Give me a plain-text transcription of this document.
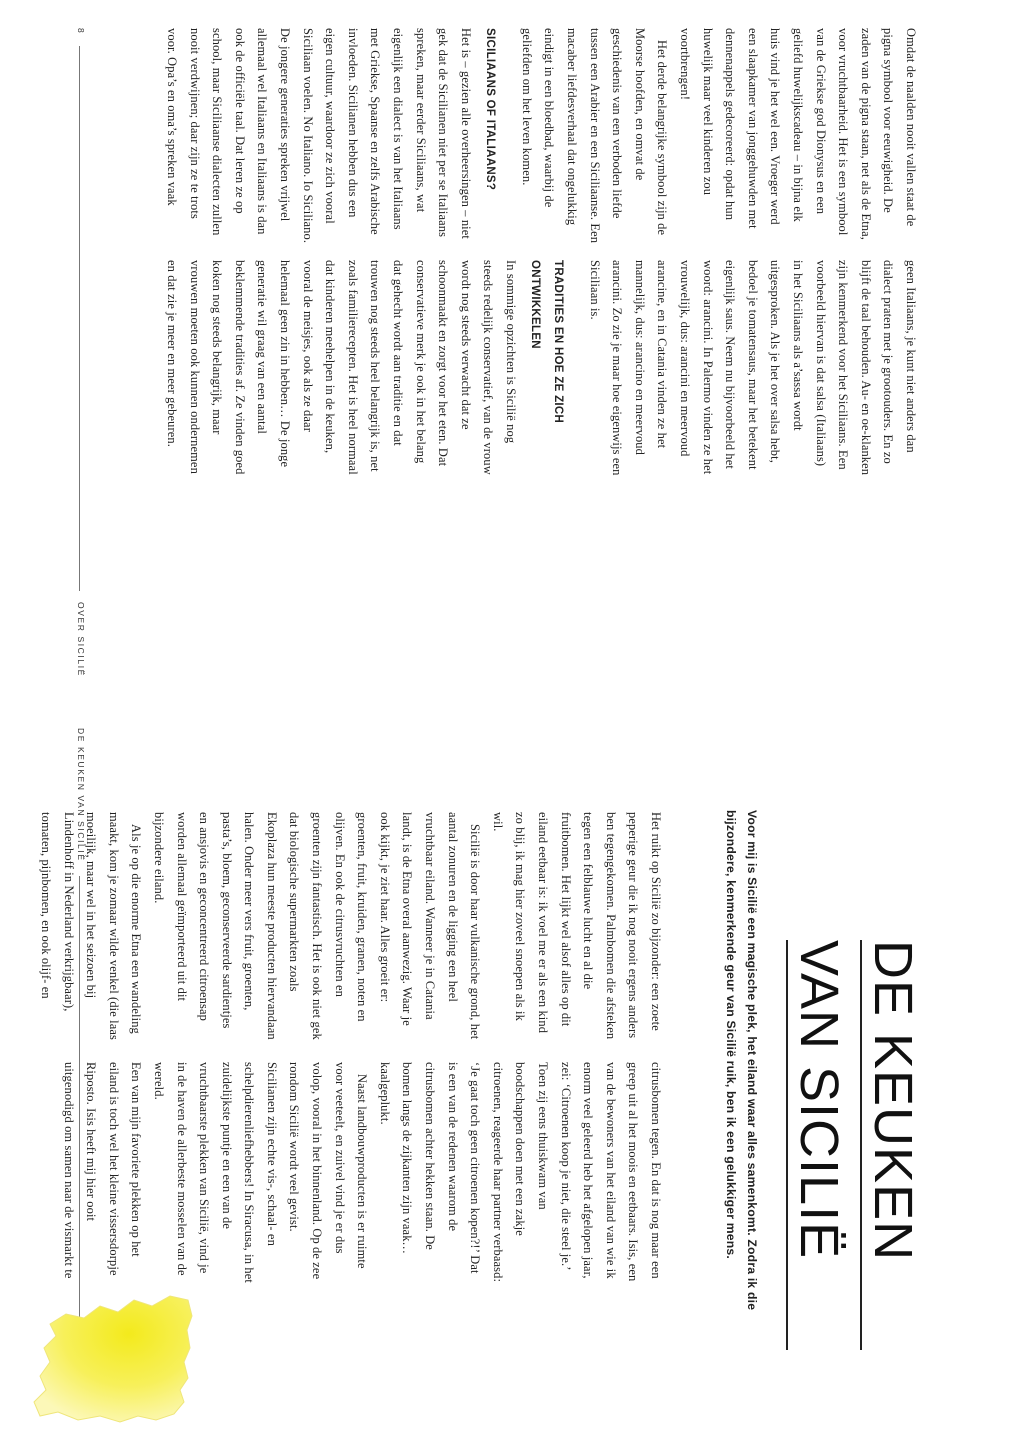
Omdat de naalden nooit vallen staat de pigna symbool voor eeuwigheid. De zaden van de pigna staan, net als de Etna, voor vruchtbaarheid. Het is een symbool van de Griekse god Dionysus en een geliefd huwelijkscadeau – in bijna elk huis vind je het wel een. Vroeger werd een slaapkamer van jonggehuwden met dennenappels gedecoreerd: opdat hun huwelijk maar veel kinderen zou voortbrengen!

Het derde belangrijke symbool zijn de Moorse hoofden, en omvat de geschiedenis van een verboden liefde tussen een Arabier en een Siciliaanse. Een macaber liefdesverhaal dat ongelukkig eindigt in een bloedbad, waarbij de geliefden om het leven komen.

SICILIAANS OF ITALIAANS?

Het is – gezien alle overheersingen – niet gek dat de Sicilianen niet per se Italiaans spreken, maar eerder Siciliaans, wat eigenlijk een dialect is van het Italiaans met Griekse, Spaanse en zelfs Arabische invloeden. Sicilianen hebben dus een eigen cultuur, waardoor ze zich vooral Siciliaan voelen. No Italiano. Io Siciliano. De jongere generaties spreken vrijwel allemaal wel Italiaans en Italiaans is dan ook de officiële taal. Dat leren ze op school, maar Siciliaanse dialecten zullen nooit verdwijnen; daar zijn ze te trots voor. Opa’s en oma’s spreken vaak

geen Italiaans, je kunt niet anders dan dialect praten met je grootouders. En zo blijft de taal behouden. Au- en oe-klanken zijn kenmerkend voor het Siciliaans. Een voorbeeld hiervan is dat salsa (Italiaans) in het Siciliaans als a’sassa wordt uitgesproken. Als je het over salsa hebt, bedoel je tomatensaus, maar het betekent eigenlijk saus. Neem nu bijvoorbeeld het woord: arancini. In Palermo vinden ze het vrouwelijk, dus: arancini en meervoud arancine, en in Catania vinden ze het mannelijk, dus: arancino en meervoud arancini. Zo zie je maar hoe eigenwijs een Siciliaan is.

TRADITIES EN HOE ZE ZICH ONTWIKKELEN

In sommige opzichten is Sicilië nog steeds redelijk conservatief, van de vrouw wordt nog steeds verwacht dat ze schoonmaakt en zorgt voor het eten. Dat conservatieve merk je ook in het belang dat gehecht wordt aan traditie en dat trouwen nog steeds heel belangrijk is, net zoals familierecepten. Het is heel normaal dat kinderen meehelpen in de keuken, vooral de meisjes, ook als ze daar helemaal geen zin in hebben… De jonge generatie wil graag van een aantal beklemmende tradities af. Ze vinden goed koken nog steeds belangrijk, maar vrouwen moeten ook kunnen ondernemen en dat zie je meer en meer gebeuren.

8
OVER SICILIË
DE KEUKEN
VAN SICILIË

Voor mij is Sicilië een magische plek, het eiland waar alles samenkomt. Zodra ik die bijzondere, kenmerkende geur van Sicilië ruik, ben ik een gelukkiger mens.

Het ruikt op Sicilië zo bijzonder: een zoete peperige geur die ik nog nooit ergens anders ben tegengekomen. Palmbomen die afsteken tegen een felblauwe lucht en al die fruitbomen. Het lijkt wel alsof alles op dit eiland eetbaar is: ik voel me er als een kind zo blij, ik mag hier zoveel snoepen als ik wil.

Sicilië is door haar vulkanische grond, het aantal zonuren en de ligging een heel vruchtbaar eiland. Wanneer je in Catania landt, is de Etna overal aanwezig. Waar je ook kijkt, je ziet haar. Alles groeit er: groenten, fruit, kruiden, granen, noten en olijven. En ook de citrusvruchten en groenten zijn fantastisch. Het is ook niet gek dat biologische supermarkten zoals Ekoplaza hun meeste producten hiervandaan halen. Onder meer vers fruit, groenten, pasta’s, bloem, geconserveerde sardientjes en ansjovis en geconcentreerd citroensap worden allemaal geïmporteerd uit dit bijzondere eiland.

Als je op die enorme Etna een wandeling maakt, kom je zomaar wilde venkel (die laas moeilijk, maar wel in het seizoen bij Lindenhoff in Nederland verkrijgbaar), tomaten, pijnbomen, en ook olijf- en

citrusbomen tegen. En dat is nog maar een greep uit al het moois en eetbaars. Isis, een van de bewoners van het eiland van wie ik enorm veel geleerd heb het afgelopen jaar, zei: ‘Citroenen koop je niet, die steel je.’ Toen zij eens thuiskwam van boodschappen doen met een zakje citroenen, reageerde haar partner verbaasd: ‘Je gaat toch geen citroenen kopen?!’ Dat is een van de redenen waarom de citrusbomen achter hekken staan. De bomen langs de zijkanten zijn vaak… kaalgeplukt.

Naast landbouwproducten is er ruimte voor veeteelt, en zuivel vind je er dus volop, vooral in het binnenland. Op de zee rondom Sicilië wordt veel gevist. Sicilianen zijn echte vis-, schaal- en schelpdierenliefhebbers! In Siracusa, in het zuidelijkste puntje en een van de vruchtbaarste plekken van Sicilië, vind je in de haven de allerbeste mosselen van de wereld.

Een van mijn favoriete plekken op het eiland is toch wel het kleine vissersdorpje Riposto. Isis heeft mij hier ooit uitgenodigd om samen naar de vismarkt te

DE KEUKEN VAN SICILIË
